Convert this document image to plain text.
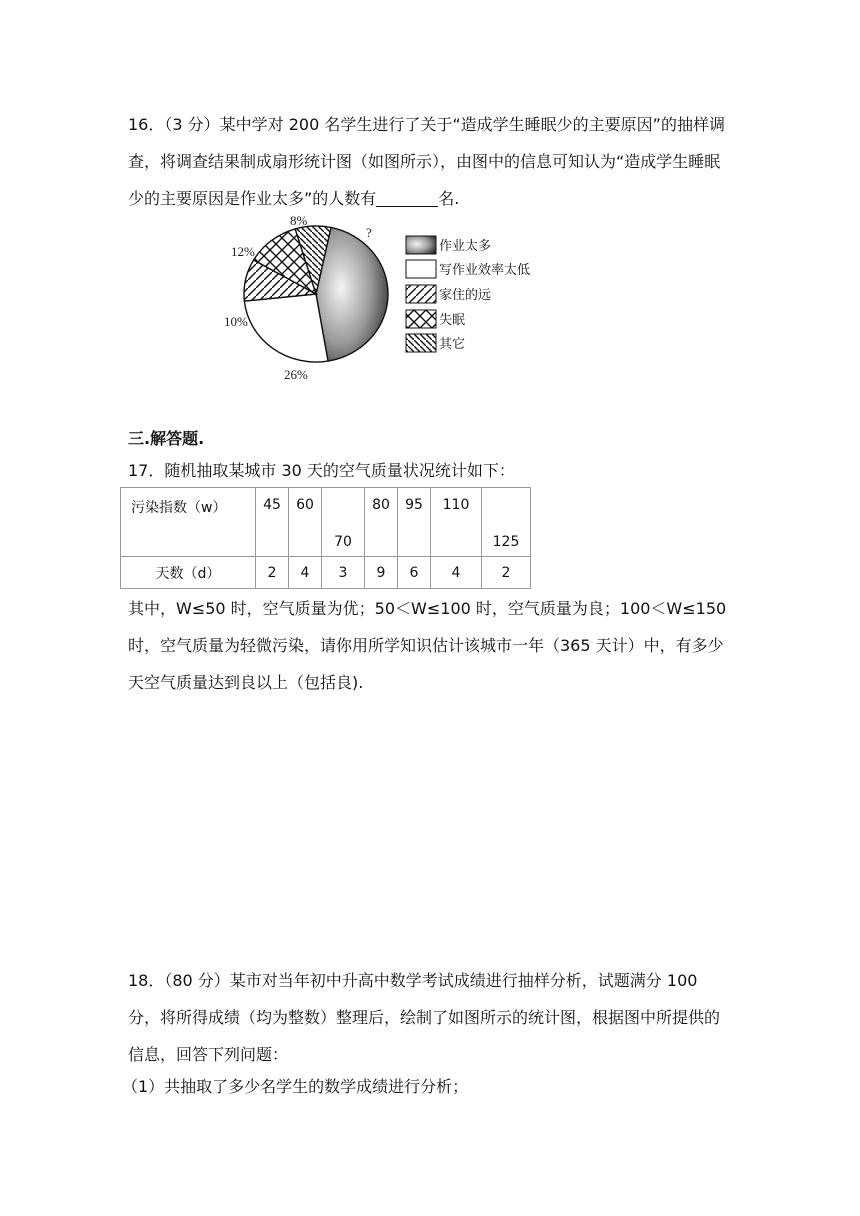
16．（3 分）某中学对 200 名学生进行了关于“造成学生睡眠少的主要原因”的抽样调查，将调查结果制成扇形统计图（如图所示），由图中的信息可知认为“造成学生睡眠少的主要原因是作业太多”的人数有	名.

?
26%
10%
12%
8%
作业太多
写作业效率太低
家住的远
失眠
其它

三.解答题.

17．随机抽取某城市 30 天的空气质量状况统计如下：

污染指数（w）	45	60	70	80	95	110	125
天数（d）	2	4	3	9	6	4	2

其中，W≤50 时，空气质量为优；50＜W≤100 时，空气质量为良；100＜W≤150 时，空气质量为轻微污染，请你用所学知识估计该城市一年（365 天计）中，有多少天空气质量达到良以上（包括良).

18．（80 分）某市对当年初中升高中数学考试成绩进行抽样分析，试题满分 100 分，将所得成绩（均为整数）整理后，绘制了如图所示的统计图，根据图中所提供的信息，回答下列问题：

（1）共抽取了多少名学生的数学成绩进行分析；
